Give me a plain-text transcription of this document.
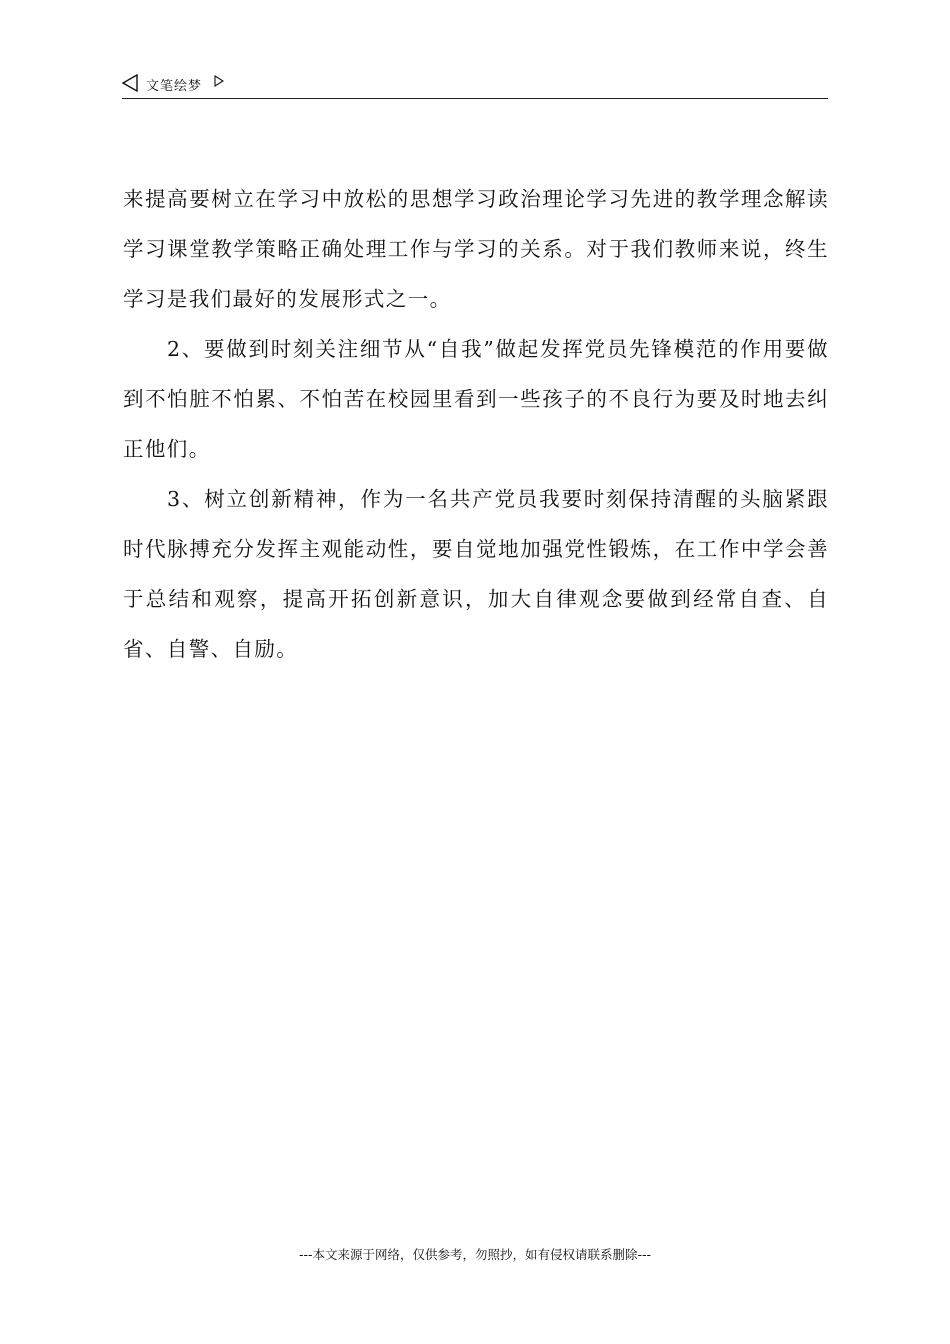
文笔绘梦

来提高要树立在学习中放松的思想学习政治理论学习先进的教学理念解读学习课堂教学策略正确处理工作与学习的关系。对于我们教师来说，终生学习是我们最好的发展形式之一。

2、要做到时刻关注细节从“自我”做起发挥党员先锋模范的作用要做到不怕脏不怕累、不怕苦在校园里看到一些孩子的不良行为要及时地去纠正他们。

3、树立创新精神，作为一名共产党员我要时刻保持清醒的头脑紧跟时代脉搏充分发挥主观能动性，要自觉地加强党性锻炼，在工作中学会善于总结和观察，提高开拓创新意识，加大自律观念要做到经常自查、自省、自警、自励。

---本文来源于网络，仅供参考，勿照抄，如有侵权请联系删除---
